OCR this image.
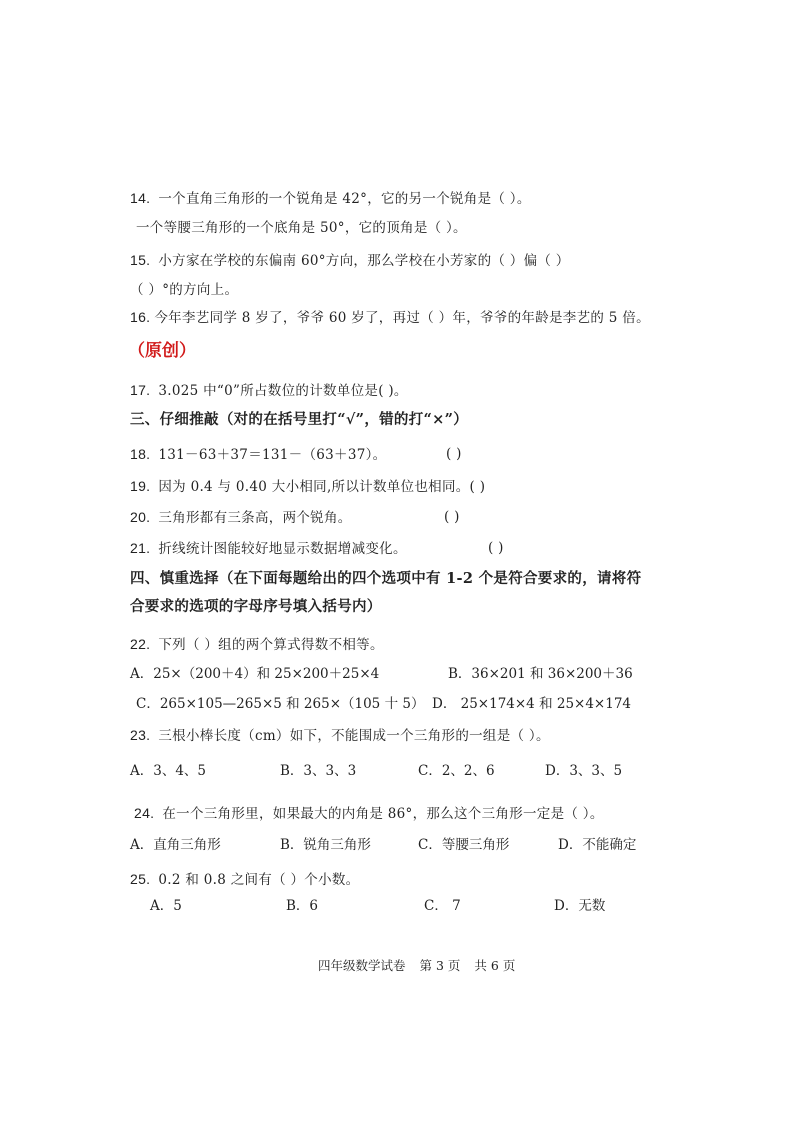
14. 一个直角三角形的一个锐角是 42°，它的另一个锐角是（ ）。
一个等腰三角形的一个底角是 50°，它的顶角是（ ）。
15. 小方家在学校的东偏南 60°方向，那么学校在小芳家的（ ）偏（ ）
（ ）°的方向上。
16. 今年李艺同学 8 岁了，爷爷 60 岁了，再过（ ）年，爷爷的年龄是李艺的 5 倍。
（原创）
17. 3.025 中“0”所占数位的计数单位是( )。
三、仔细推敲（对的在括号里打“√”，错的打“×”）
18. 131－63＋37＝131－（63＋37）。	( )
19. 因为 0.4 与 0.40 大小相同,所以计数单位也相同。( )
20. 三角形都有三条高，两个锐角。	( )
21. 折线统计图能较好地显示数据增减变化。	( )
四、慎重选择（在下面每题给出的四个选项中有 1-2 个是符合要求的，请将符
合要求的选项的字母序号填入括号内）
22. 下列（ ）组的两个算式得数不相等。
A．25×（200＋4）和 25×200＋25×4	B．36×201 和 36×200＋36
C．265×105—265×5 和 265×（105 十 5） D． 25×174×4 和 25×4×174
23. 三根小棒长度（cm）如下，不能围成一个三角形的一组是（ ）。
A．3、4、5	B．3、3、3	C．2、2、6	D．3、3、5
24. 在一个三角形里，如果最大的内角是 86°，那么这个三角形一定是（ ）。
A．直角三角形	B．锐角三角形	C．等腰三角形	D．不能确定
25. 0.2 和 0.8 之间有（ ）个小数。
A．5	B．6	C． 7	D．无数
四年级数学试卷 第 3 页 共 6 页
